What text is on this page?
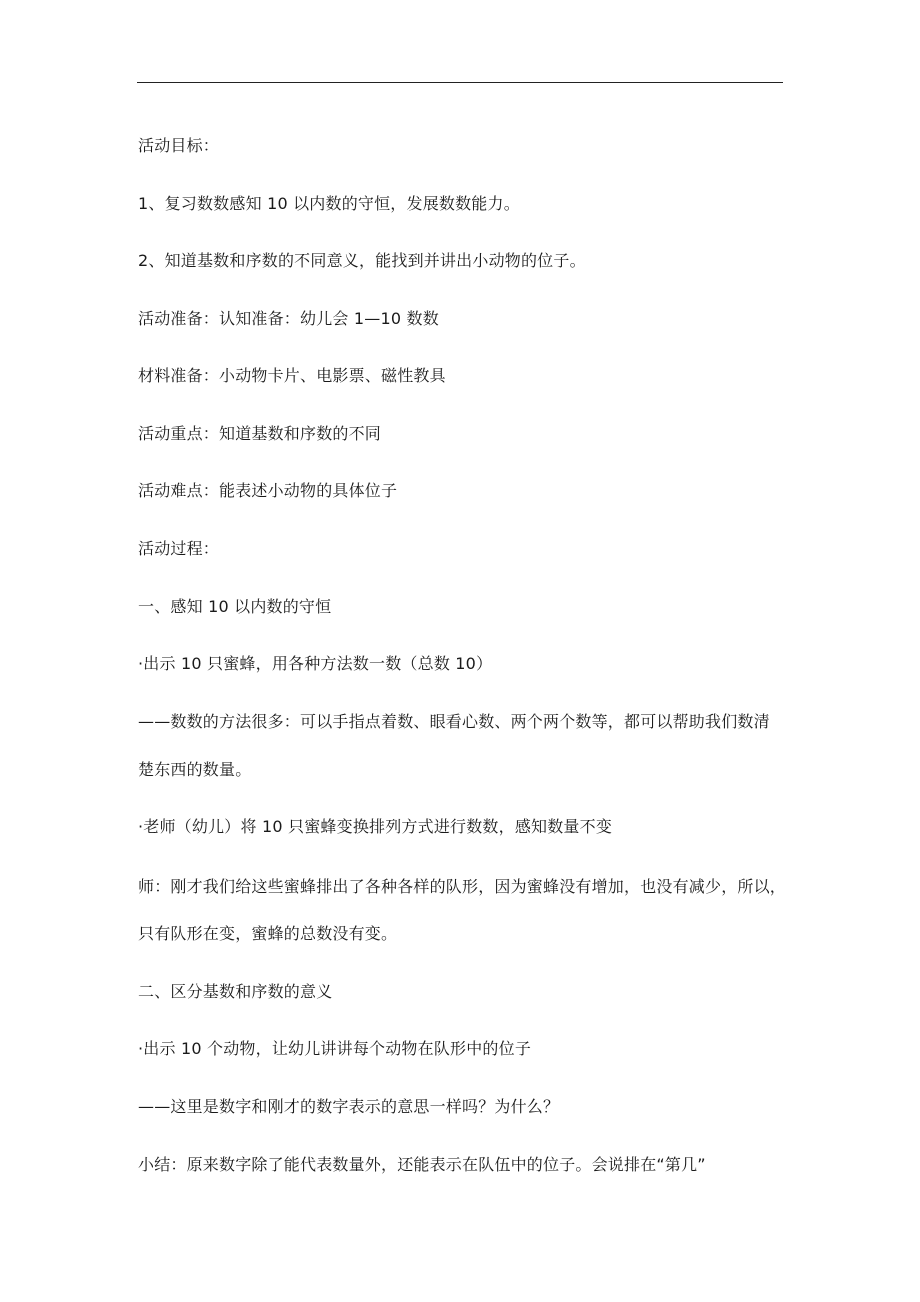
活动目标：
1、复习数数感知 10 以内数的守恒，发展数数能力。
2、知道基数和序数的不同意义，能找到并讲出小动物的位子。
活动准备：认知准备：幼儿会 1—10 数数
材料准备：小动物卡片、电影票、磁性教具
活动重点：知道基数和序数的不同
活动难点：能表述小动物的具体位子
活动过程：
一、感知 10 以内数的守恒
·出示 10 只蜜蜂，用各种方法数一数（总数 10）
——数数的方法很多：可以手指点着数、眼看心数、两个两个数等，都可以帮助我们数清
楚东西的数量。
·老师（幼儿）将 10 只蜜蜂变换排列方式进行数数，感知数量不变
师：刚才我们给这些蜜蜂排出了各种各样的队形，因为蜜蜂没有增加，也没有减少，所以，
只有队形在变，蜜蜂的总数没有变。
二、区分基数和序数的意义
·出示 10 个动物，让幼儿讲讲每个动物在队形中的位子
——这里是数字和刚才的数字表示的意思一样吗？为什么？
小结：原来数字除了能代表数量外，还能表示在队伍中的位子。会说排在“第几”
